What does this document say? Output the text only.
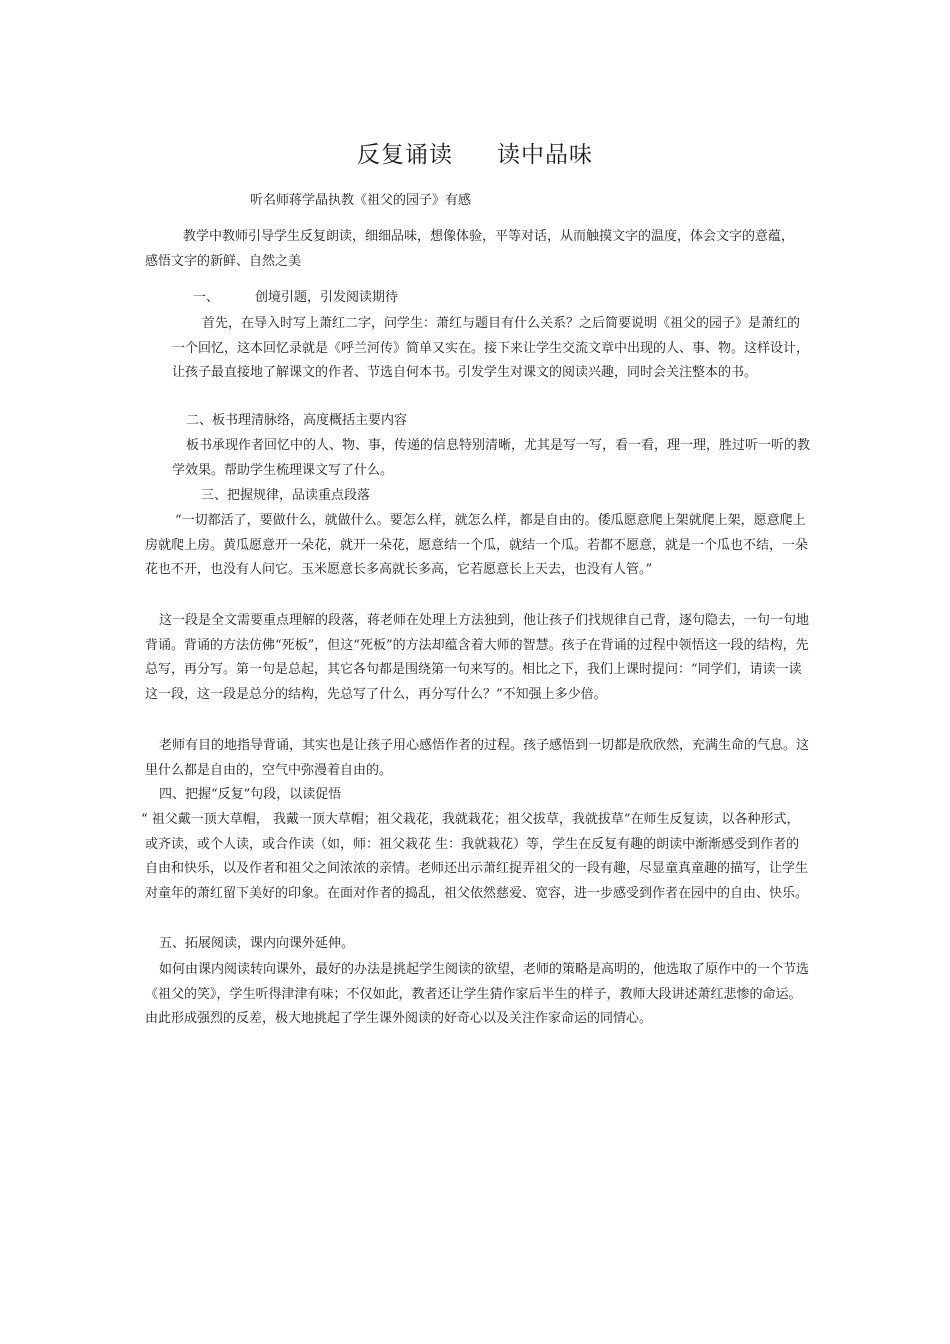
反复诵读 读中品味
听名师蒋学晶执教《祖父的园子》有感
教学中教师引导学生反复朗读，细细品味，想像体验，平等对话，从而触摸文字的温度，体会文字的意蕴，感悟文字的新鲜、自然之美
一、	创境引题，引发阅读期待
首先，在导入时写上萧红二字，问学生：萧红与题目有什么关系？之后简要说明《祖父的园子》是萧红的一个回忆，这本回忆录就是《呼兰河传》简单又实在。接下来让学生交流文章中出现的人、事、物。这样设计，让孩子最直接地了解课文的作者、节选自何本书。引发学生对课文的阅读兴趣，同时会关注整本的书。
二、板书理清脉络，高度概括主要内容
板书承现作者回忆中的人、物、事，传递的信息特别清晰，尤其是写一写，看一看，理一理，胜过听一听的教学效果。帮助学生梳理课文写了什么。
三、把握规律，品读重点段落
“一切都活了，要做什么，就做什么。要怎么样，就怎么样，都是自由的。倭瓜愿意爬上架就爬上架，愿意爬上房就爬上房。黄瓜愿意开一朵花，就开一朵花，愿意结一个瓜，就结一个瓜。若都不愿意，就是一个瓜也不结，一朵花也不开，也没有人问它。玉米愿意长多高就长多高，它若愿意长上天去，也没有人管。”
这一段是全文需要重点理解的段落，蒋老师在处理上方法独到，他让孩子们找规律自己背，逐句隐去，一句一句地背诵。背诵的方法仿佛“死板”，但这“死板”的方法却蕴含着大师的智慧。孩子在背诵的过程中领悟这一段的结构，先总写，再分写。第一句是总起，其它各句都是围绕第一句来写的。相比之下，我们上课时提问：“同学们，请读一读这一段，这一段是总分的结构，先总写了什么，再分写什么？”不知强上多少倍。
老师有目的地指导背诵，其实也是让孩子用心感悟作者的过程。孩子感悟到一切都是欣欣然，充满生命的气息。这里什么都是自由的，空气中弥漫着自由的。
四、把握“反复”句段，以读促悟
“ 祖父戴一顶大草帽， 我戴一顶大草帽；祖父栽花，我就栽花；祖父拔草，我就拔草”在师生反复读，以各种形式，或齐读，或个人读，或合作读（如，师：祖父栽花 生：我就栽花）等，学生在反复有趣的朗读中渐渐感受到作者的自由和快乐，以及作者和祖父之间浓浓的亲情。老师还出示萧红捉弄祖父的一段有趣，尽显童真童趣的描写，让学生对童年的萧红留下美好的印象。在面对作者的捣乱，祖父依然慈爱、宽容，进一步感受到作者在园中的自由、快乐。
五、拓展阅读，课内向课外延伸。
如何由课内阅读转向课外，最好的办法是挑起学生阅读的欲望，老师的策略是高明的，他选取了原作中的一个节选《祖父的笑》，学生听得津津有味；不仅如此，教者还让学生猜作家后半生的样子，教师大段讲述萧红悲惨的命运。由此形成强烈的反差，极大地挑起了学生课外阅读的好奇心以及关注作家命运的同情心。
